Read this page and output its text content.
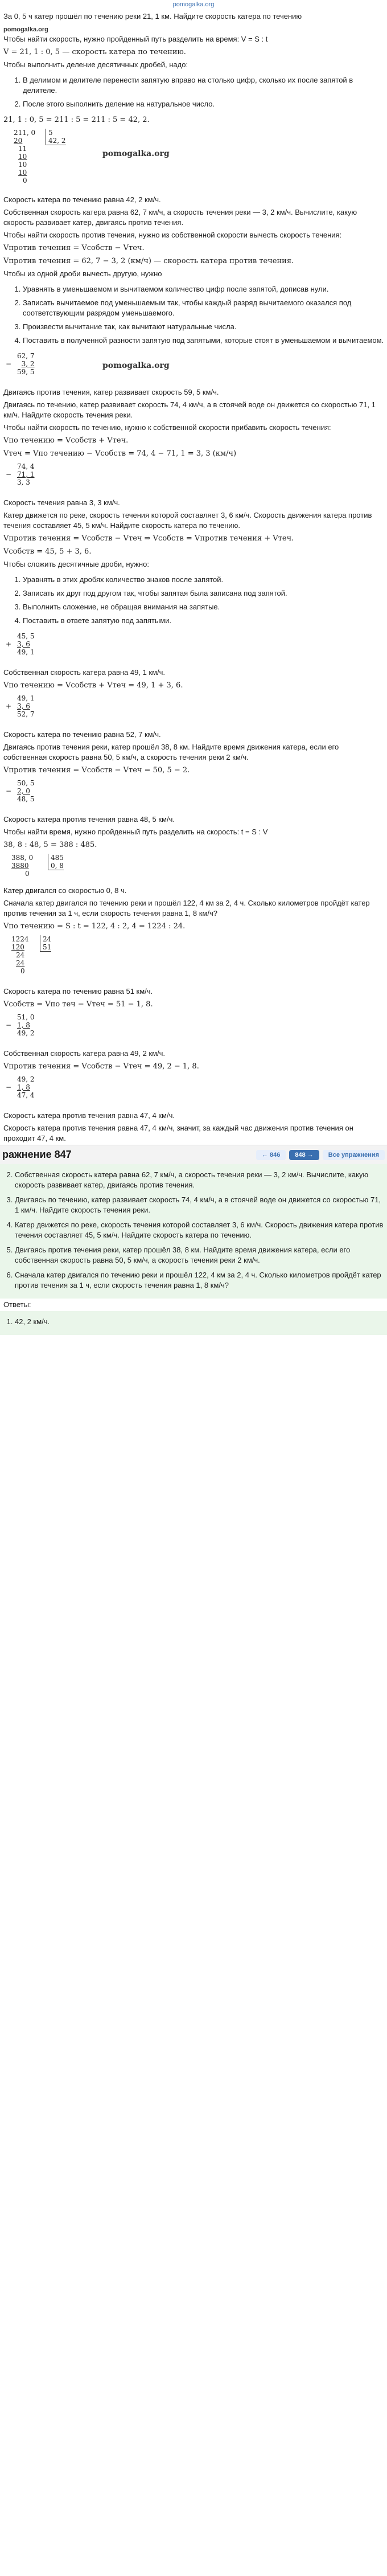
pomogalka.org
За 0, 5 ч катер прошёл по течению реки 21, 1 км. Найдите скорость катера по течению
pomogalka.org
Чтобы найти скорость, нужно пройденный путь разделить на время: V = S : t
V = 21, 1 : 0, 5 — скорость катера по течению.
Чтобы выполнить деление десятичных дробей, надо:
1. В делимом и делителе перенести запятую вправо на столько цифр, сколько их после запятой в делителе.
2. После этого выполнить деление на натуральное число.
21, 1 : 0, 5 = 211 : 5 = 211 : 5 = 42, 2.
211, 0
20
11
10
10
10
0
5
42, 2
pomogalka.org
Скорость катера по течению равна 42, 2 км/ч.
Собственная скорость катера равна 62, 7 км/ч, а скорость течения реки — 3, 2 км/ч. Вычислите, какую скорость развивает катер, двигаясь против течения.
Чтобы найти скорость против течения, нужно из собственной скорости вычесть скорость течения:
Vпротив течения = Vсобств − Vтеч.
Vпротив течения = 62, 7 − 3, 2 (км/ч) — скорость катера против течения.
Чтобы из одной дроби вычесть другую, нужно
1. Уравнять в уменьшаемом и вычитаемом количество цифр после запятой, дописав нули.
2. Записать вычитаемое под уменьшаемым так, чтобы каждый разряд вычитаемого оказался под соответствующим разрядом уменьшаемого.
3. Произвести вычитание так, как вычитают натуральные числа.
4. Поставить в полученной разности запятую под запятыми, которые стоят в уменьшаемом и вычитаемом.
−
62, 7
3, 2
59, 5
pomogalka.org
Двигаясь против течения, катер развивает скорость 59, 5 км/ч.
Двигаясь по течению, катер развивает скорость 74, 4 км/ч, а в стоячей воде он движется со скоростью 71, 1 км/ч. Найдите скорость течения реки.
Чтобы найти скорость по течению, нужно к собственной скорости прибавить скорость течения:
Vпо течению = Vсобств + Vтеч.
Vтеч = Vпо течению − Vсобств = 74, 4 − 71, 1 = 3, 3 (км/ч)
−
74, 4
71, 1
3, 3
Скорость течения равна 3, 3 км/ч.
Катер движется по реке, скорость течения которой составляет 3, 6 км/ч. Скорость движения катера против течения составляет 45, 5 км/ч. Найдите скорость катера по течению.
Vпротив течения = Vсобств − Vтеч ⇒ Vсобств = Vпротив течения + Vтеч.
Vсобств = 45, 5 + 3, 6.
Чтобы сложить десятичные дроби, нужно:
1. Уравнять в этих дробях количество знаков после запятой.
2. Записать их друг под другом так, чтобы запятая была записана под запятой.
3. Выполнить сложение, не обращая внимания на запятые.
4. Поставить в ответе запятую под запятыми.
+
45, 5
3, 6
49, 1
Собственная скорость катера равна 49, 1 км/ч.
Vпо течению = Vсобств + Vтеч = 49, 1 + 3, 6.
+
49, 1
3, 6
52, 7
Скорость катера по течению равна 52, 7 км/ч.
Двигаясь против течения реки, катер прошёл 38, 8 км. Найдите время движения катера, если его собственная скорость равна 50, 5 км/ч, а скорость течения реки 2 км/ч.
Vпротив течения = Vсобств − Vтеч = 50, 5 − 2.
−
50, 5
2, 0
48, 5
Скорость катера против течения равна 48, 5 км/ч.
Чтобы найти время, нужно пройденный путь разделить на скорость: t = S : V
38, 8 : 48, 5 = 388 : 485.
388, 0
3880
0
485
0, 8
Катер двигался со скоростью 0, 8 ч.
Сначала катер двигался по течению реки и прошёл 122, 4 км за 2, 4 ч. Сколько километров пройдёт катер против течения за 1 ч, если скорость течения равна 1, 8 км/ч?
Vпо течению = S : t = 122, 4 : 2, 4 = 1224 : 24.
1224
120
24
24
0
24
51
Скорость катера по течению равна 51 км/ч.
Vсобств = Vпо теч − Vтеч = 51 − 1, 8.
−
51, 0
1, 8
49, 2
Собственная скорость катера равна 49, 2 км/ч.
Vпротив течения = Vсобств − Vтеч = 49, 2 − 1, 8.
−
49, 2
1, 8
47, 4
Скорость катера против течения равна 47, 4 км/ч.
Скорость катера против течения равна 47, 4 км/ч, значит, за каждый час движения против течения он проходит 47, 4 км.
ражнение 847	← 846	848 →	Все упражнения
2. Собственная скорость катера равна 62, 7 км/ч, а скорость течения реки — 3, 2 км/ч. Вычислите, какую скорость развивает катер, двигаясь против течения.
3. Двигаясь по течению, катер развивает скорость 74, 4 км/ч, а в стоячей воде он движется со скоростью 71, 1 км/ч. Найдите скорость течения реки.
4. Катер движется по реке, скорость течения которой составляет 3, 6 км/ч. Скорость движения катера против течения составляет 45, 5 км/ч. Найдите скорость катера по течению.
5. Двигаясь против течения реки, катер прошёл 38, 8 км. Найдите время движения катера, если его собственная скорость равна 50, 5 км/ч, а скорость течения реки 2 км/ч.
6. Сначала катер двигался по течению реки и прошёл 122, 4 км за 2, 4 ч. Сколько километров пройдёт катер против течения за 1 ч, если скорость течения равна 1, 8 км/ч?
Ответы:
1. 42, 2 км/ч.
